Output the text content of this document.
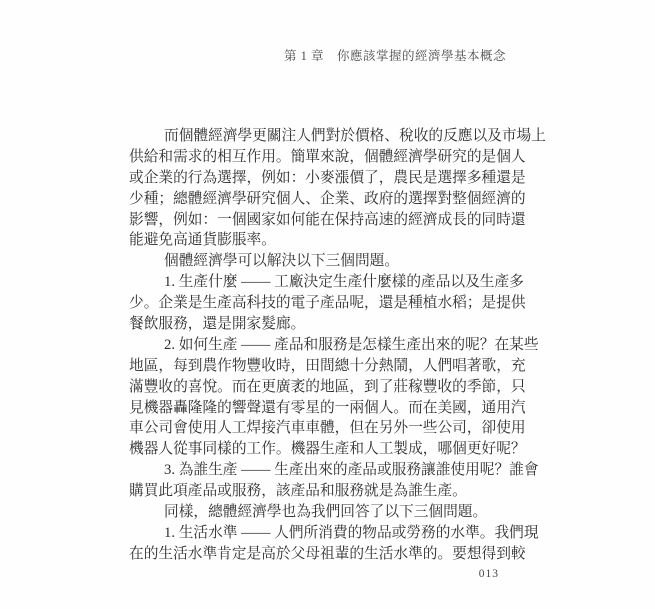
第 1 章　你應該掌握的經濟學基本概念
而個體經濟學更關注人們對於價格、稅收的反應以及市場上
供給和需求的相互作用。簡單來說，個體經濟學研究的是個人
或企業的行為選擇，例如：小麥漲價了，農民是選擇多種還是
少種；總體經濟學研究個人、企業、政府的選擇對整個經濟的
影響，例如：一個國家如何能在保持高速的經濟成長的同時還
能避免高通貨膨脹率。
個體經濟學可以解決以下三個問題。
1. 生產什麼 —— 工廠決定生產什麼樣的產品以及生產多
少。企業是生產高科技的電子產品呢，還是種植水稻；是提供
餐飲服務，還是開家髮廊。
2. 如何生產 —— 產品和服務是怎樣生產出來的呢？在某些
地區，每到農作物豐收時，田間總十分熱鬧，人們唱著歌，充
滿豐收的喜悅。而在更廣袤的地區，到了莊稼豐收的季節，只
見機器轟隆隆的響聲還有零星的一兩個人。而在美國，通用汽
車公司會使用人工焊接汽車車體，但在另外一些公司，卻使用
機器人從事同樣的工作。機器生產和人工製成，哪個更好呢？
3. 為誰生產 —— 生產出來的產品或服務讓誰使用呢？誰會
購買此項產品或服務，該產品和服務就是為誰生產。
同樣，總體經濟學也為我們回答了以下三個問題。
1. 生活水準 —— 人們所消費的物品或勞務的水準。我們現
在的生活水準肯定是高於父母祖輩的生活水準的。要想得到較
013
